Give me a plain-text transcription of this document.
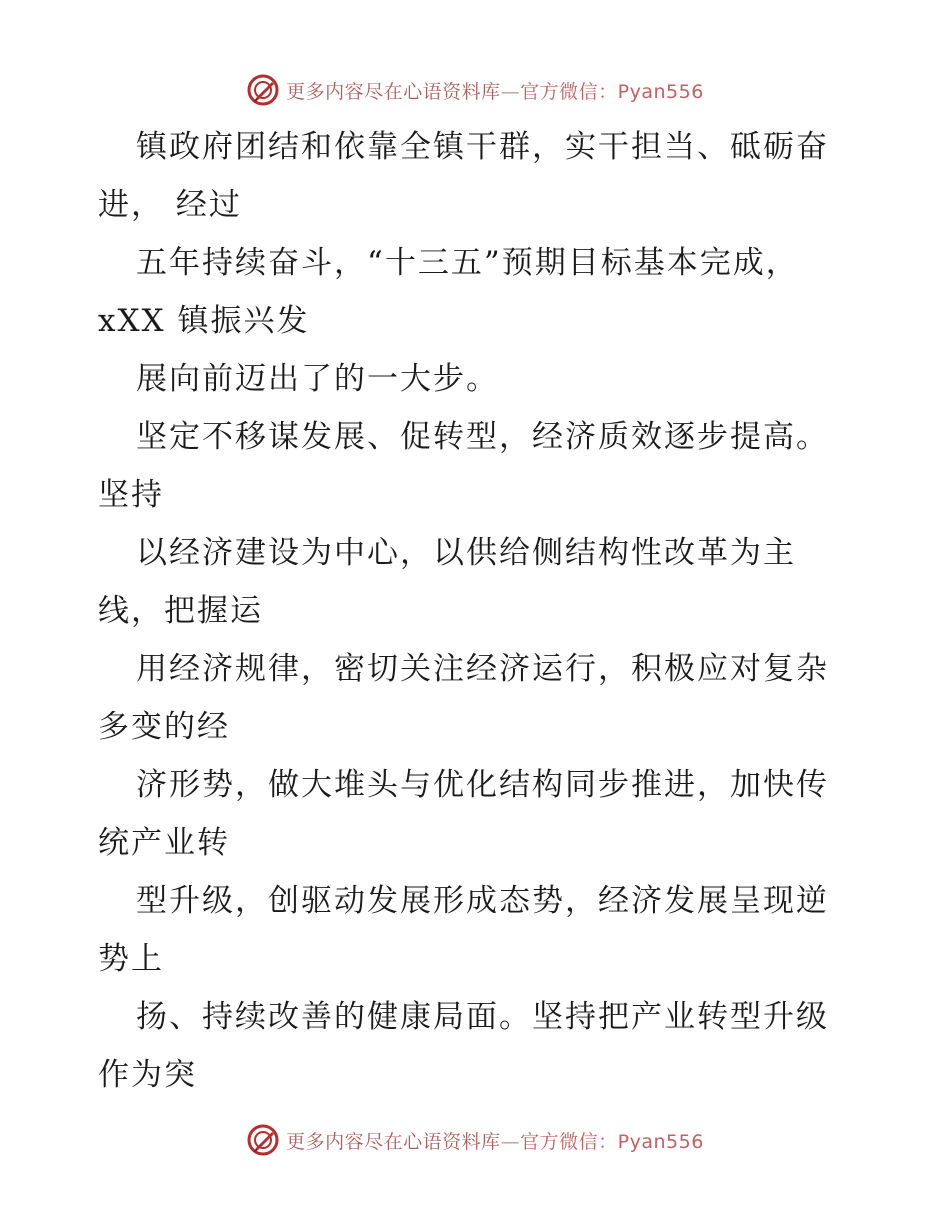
更多内容尽在心语资料库—官方微信：Pyan556
镇政府团结和依靠全镇干群，实干担当、砥砺奋
进， 经过
五年持续奋斗，“十三五”预期目标基本完成，
xXX 镇振兴发
展向前迈出了的一大步。
坚定不移谋发展、促转型，经济质效逐步提高。
坚持
以经济建设为中心，以供给侧结构性改革为主
线，把握运
用经济规律，密切关注经济运行，积极应对复杂
多变的经
济形势，做大堆头与优化结构同步推进，加快传
统产业转
型升级，创驱动发展形成态势，经济发展呈现逆
势上
扬、持续改善的健康局面。坚持把产业转型升级
作为突
更多内容尽在心语资料库—官方微信：Pyan556
